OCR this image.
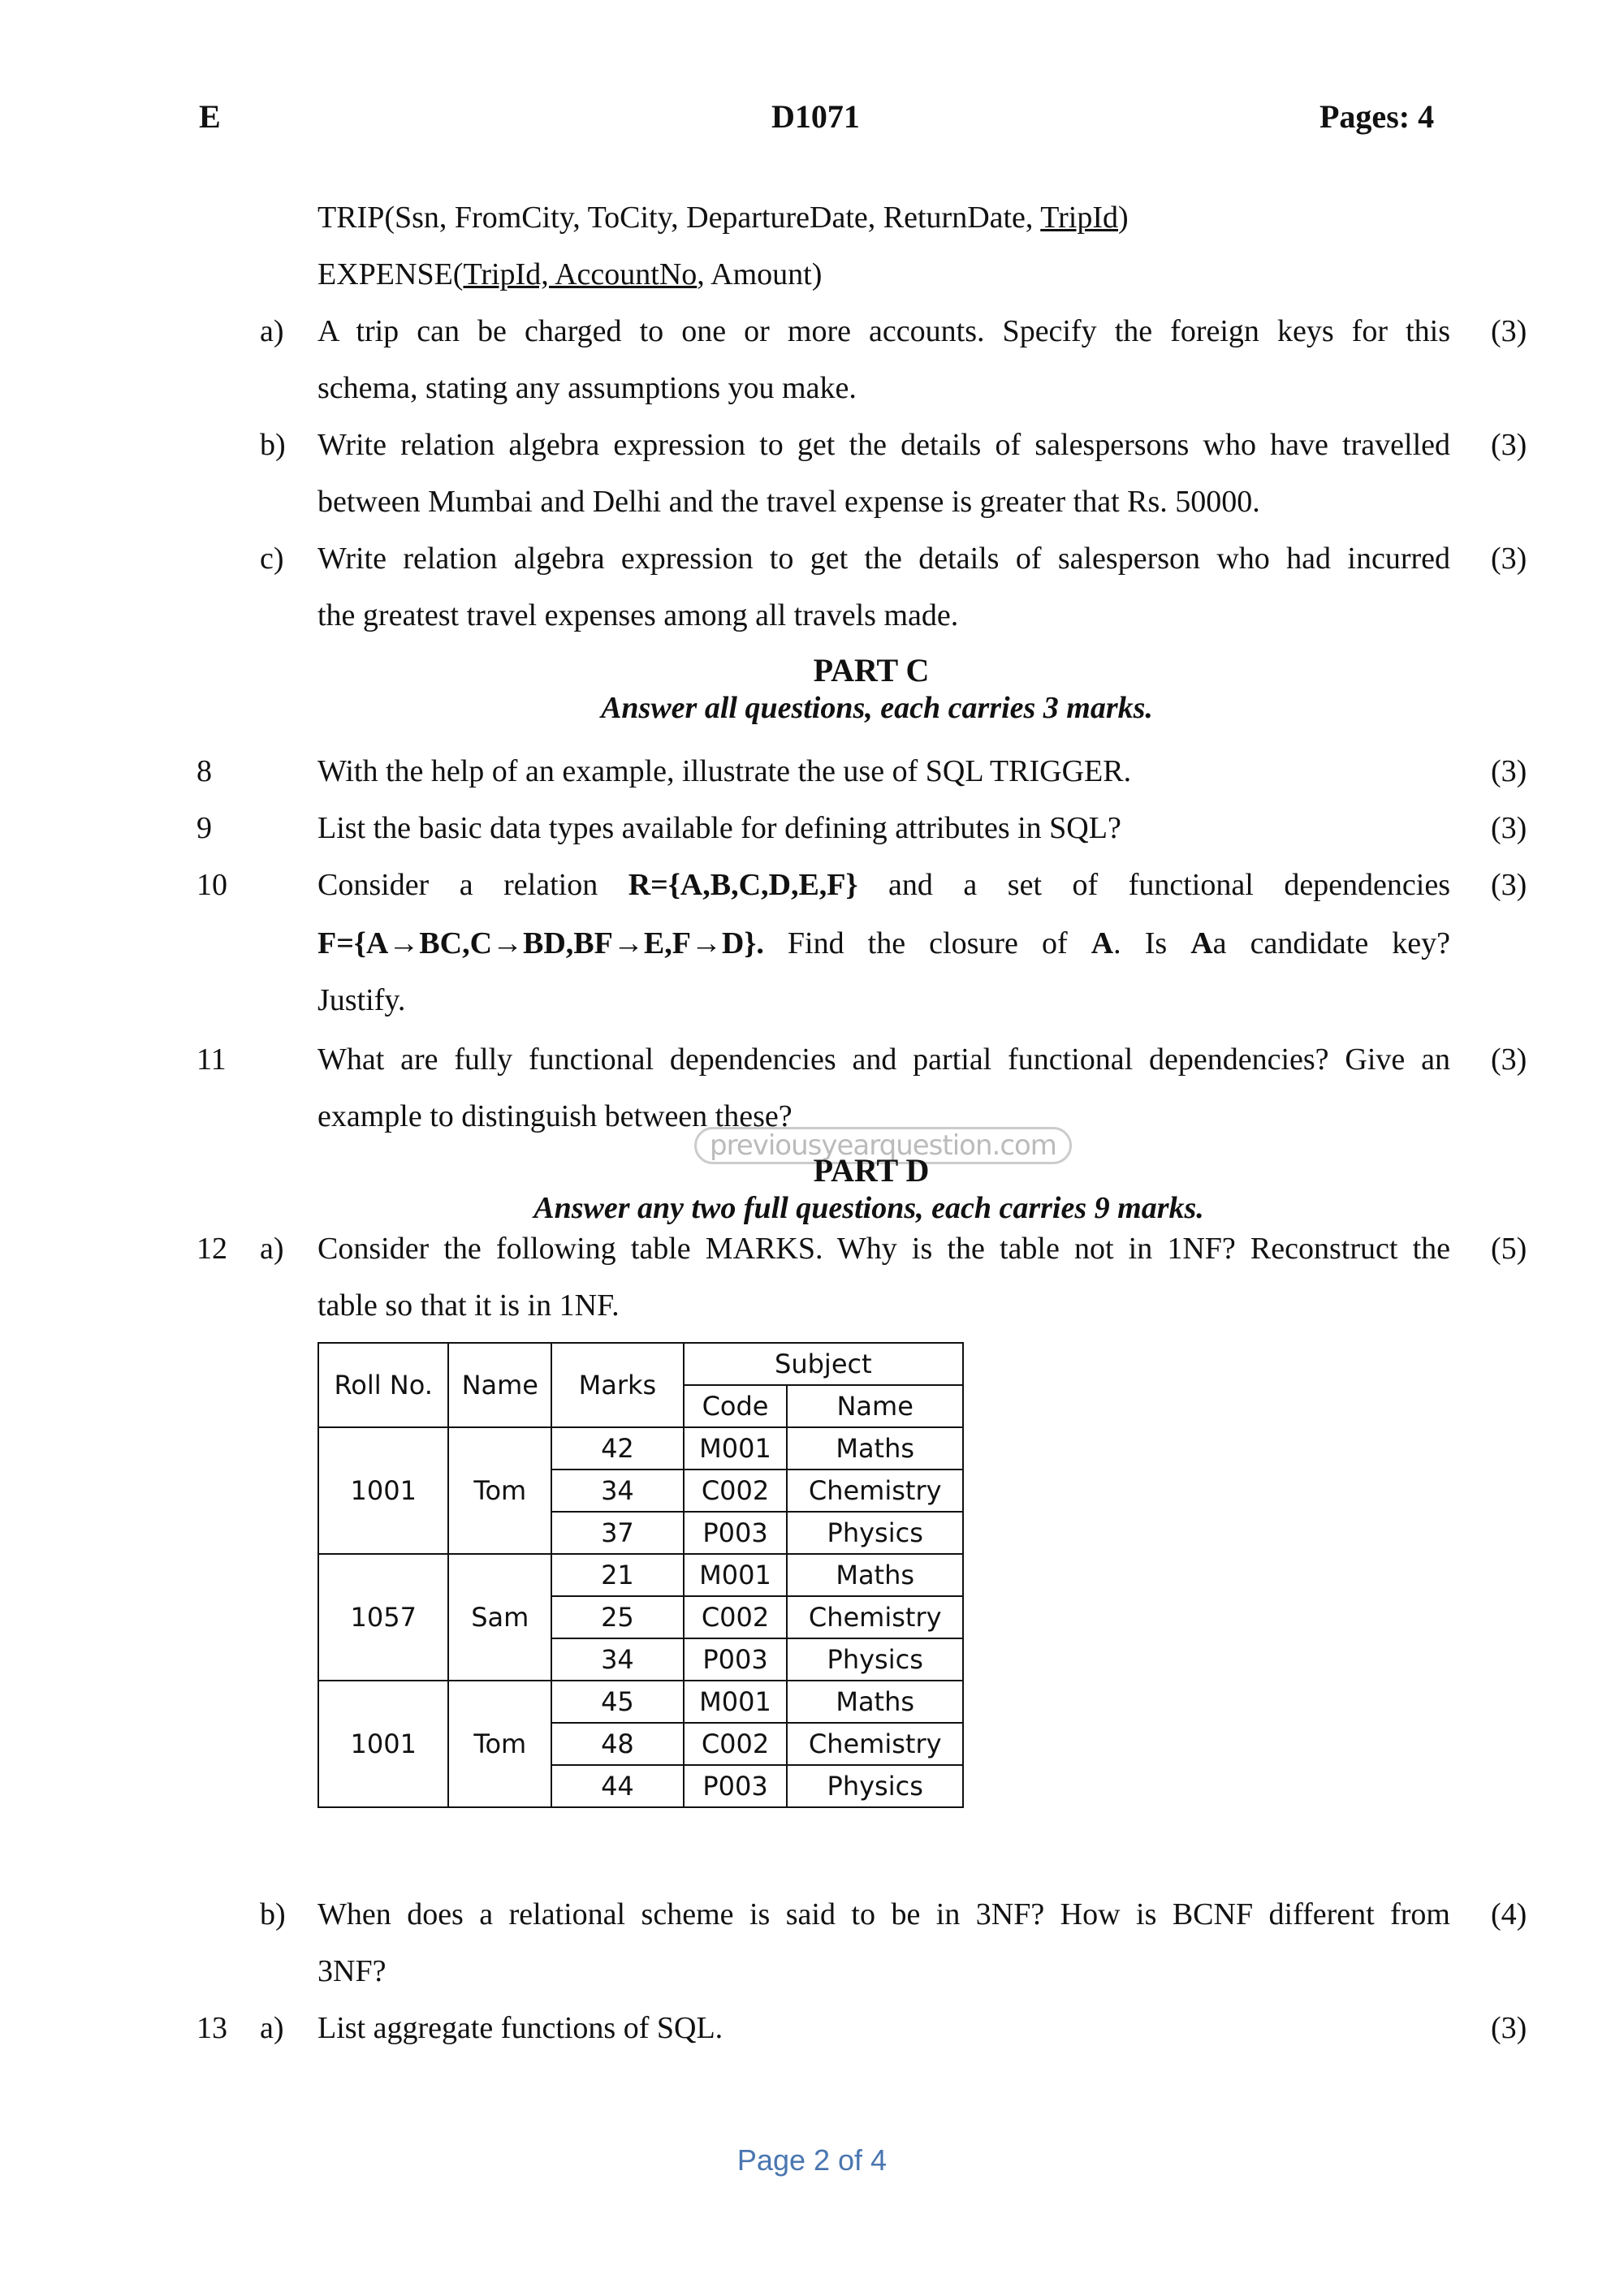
E	D1071	Pages: 4
TRIP(Ssn, FromCity, ToCity, DepartureDate, ReturnDate, TripId)
EXPENSE(TripId, AccountNo, Amount)
a) A trip can be charged to one or more accounts. Specify the foreign keys for this
schema, stating any assumptions you make.
(3)
b) Write relation algebra expression to get the details of salespersons who have travelled
between Mumbai and Delhi and the travel expense is greater that Rs. 50000.
(3)
c) Write relation algebra expression to get the details of salesperson who had incurred
the greatest travel expenses among all travels made.
(3)
PART C
Answer all questions, each carries 3 marks.
8	With the help of an example, illustrate the use of SQL TRIGGER.	(3)
9	List the basic data types available for defining attributes in SQL?	(3)
10	Consider a relation R={A,B,C,D,E,F} and a set of functional dependencies
F={A→BC,C→BD,BF→E,F→D}. Find the closure of A. Is Aa candidate key?
Justify.
(3)
11	What are fully functional dependencies and partial functional dependencies? Give an
example to distinguish between these?
(3)
previousyearquestion.com
PART D
Answer any two full questions, each carries 9 marks.
12 a) Consider the following table MARKS. Why is the table not in 1NF? Reconstruct the
table so that it is in 1NF.
(5)
Roll No.	Name	Marks	Subject	
			Code	Name
1001	Tom	42	M001	Maths
		34	C002	Chemistry
		37	P003	Physics
1057	Sam	21	M001	Maths
		25	C002	Chemistry
		34	P003	Physics
1001	Tom	45	M001	Maths
		48	C002	Chemistry
		44	P003	Physics
b) When does a relational scheme is said to be in 3NF? How is BCNF different from
3NF?
(4)
13 a) List aggregate functions of SQL.	(3)
Page 2 of 4
